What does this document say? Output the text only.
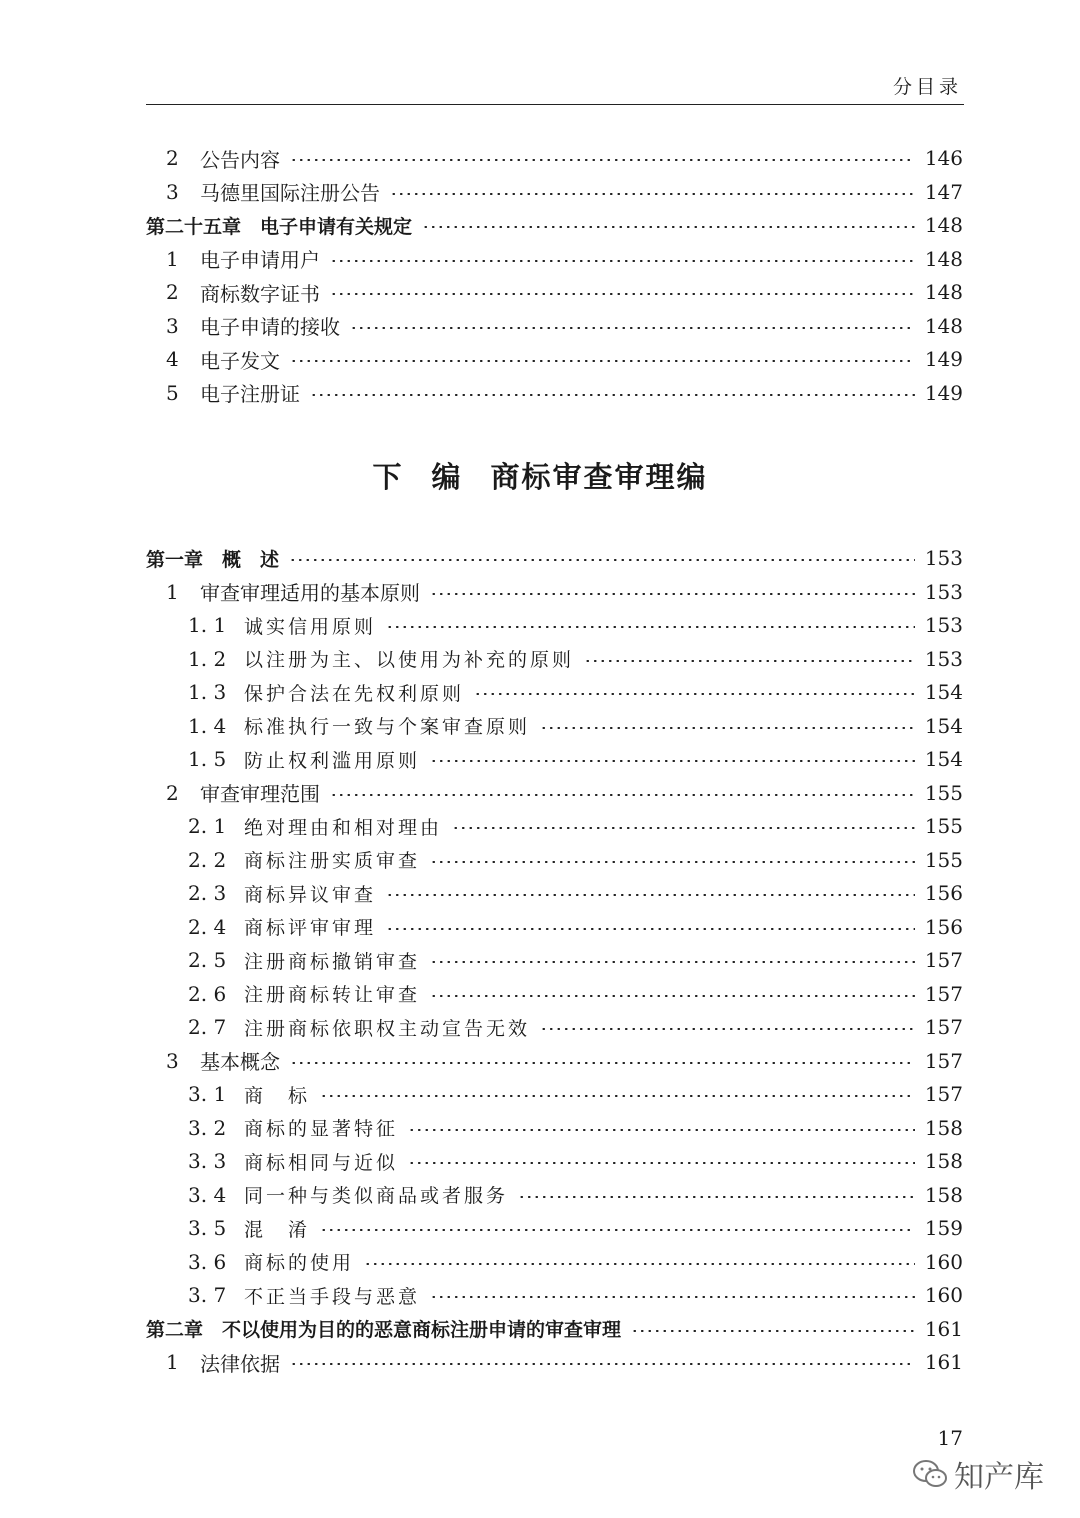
分目录
2 公告内容	146
3 马德里国际注册公告	147
第二十五章　电子申请有关规定	148
1 电子申请用户	148
2 商标数字证书	148
3 电子申请的接收	148
4 电子发文	149
5 电子注册证	149
下 编 商标审查审理编
第一章　概　述	153
1 审查审理适用的基本原则	153
1. 1 诚实信用原则	153
1. 2 以注册为主、以使用为补充的原则	153
1. 3 保护合法在先权利原则	154
1. 4 标准执行一致与个案审查原则	154
1. 5 防止权利滥用原则	154
2 审查审理范围	155
2. 1 绝对理由和相对理由	155
2. 2 商标注册实质审查	155
2. 3 商标异议审查	156
2. 4 商标评审审理	156
2. 5 注册商标撤销审查	157
2. 6 注册商标转让审查	157
2. 7 注册商标依职权主动宣告无效	157
3 基本概念	157
3. 1 商　标	157
3. 2 商标的显著特征	158
3. 3 商标相同与近似	158
3. 4 同一种与类似商品或者服务	158
3. 5 混　淆	159
3. 6 商标的使用	160
3. 7 不正当手段与恶意	160
第二章　不以使用为目的的恶意商标注册申请的审查审理	161
1 法律依据	161
17
知产库
